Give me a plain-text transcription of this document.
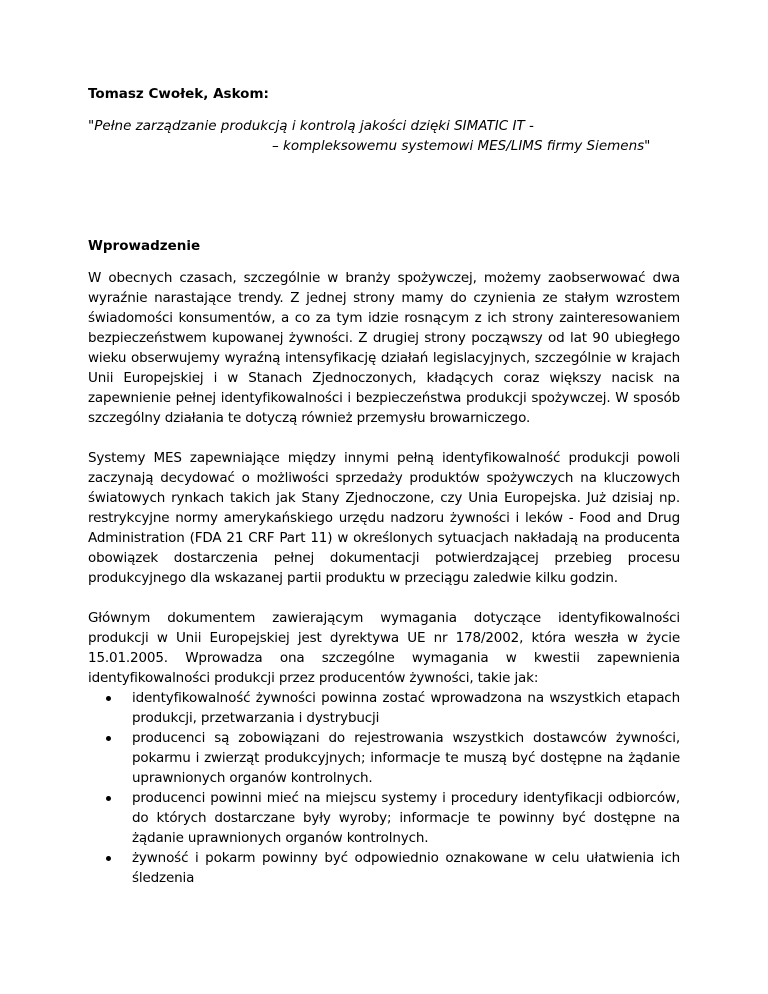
Tomasz Cwołek, Askom:

"Pełne zarządzanie produkcją i kontrolą jakości dzięki SIMATIC IT -
– kompleksowemu systemowi MES/LIMS firmy Siemens"

Wprowadzenie

W obecnych czasach, szczególnie w branży spożywczej, możemy zaobserwować dwa wyraźnie narastające trendy. Z jednej strony mamy do czynienia ze stałym wzrostem świadomości konsumentów, a co za tym idzie rosnącym z ich strony zainteresowaniem bezpieczeństwem kupowanej żywności. Z drugiej strony począwszy od lat 90 ubiegłego wieku obserwujemy wyraźną intensyfikację działań legislacyjnych, szczególnie w krajach Unii Europejskiej i w Stanach Zjednoczonych, kładących coraz większy nacisk na zapewnienie pełnej identyfikowalności i bezpieczeństwa produkcji spożywczej. W sposób szczególny działania te dotyczą również przemysłu browarniczego.

Systemy MES zapewniające między innymi pełną identyfikowalność produkcji powoli zaczynają decydować o możliwości sprzedaży produktów spożywczych na kluczowych światowych rynkach takich jak Stany Zjednoczone, czy Unia Europejska. Już dzisiaj np. restrykcyjne normy amerykańskiego urzędu nadzoru żywności i leków - Food and Drug Administration (FDA 21 CRF Part 11) w określonych sytuacjach nakładają na producenta obowiązek dostarczenia pełnej dokumentacji potwierdzającej przebieg procesu produkcyjnego dla wskazanej partii produktu w przeciągu zaledwie kilku godzin.

Głównym dokumentem zawierającym wymagania dotyczące identyfikowalności produkcji w Unii Europejskiej jest dyrektywa UE nr 178/2002, która weszła w życie 15.01.2005. Wprowadza ona szczególne wymagania w kwestii zapewnienia identyfikowalności produkcji przez producentów żywności, takie jak:

identyfikowalność żywności powinna zostać wprowadzona na wszystkich etapach produkcji, przetwarzania i dystrybucji
producenci są zobowiązani do rejestrowania wszystkich dostawców żywności, pokarmu i zwierząt produkcyjnych; informacje te muszą być dostępne na żądanie uprawnionych organów kontrolnych.
producenci powinni mieć na miejscu systemy i procedury identyfikacji odbiorców, do których dostarczane były wyroby; informacje te powinny być dostępne na żądanie uprawnionych organów kontrolnych.
żywność i pokarm powinny być odpowiednio oznakowane w celu ułatwienia ich śledzenia
